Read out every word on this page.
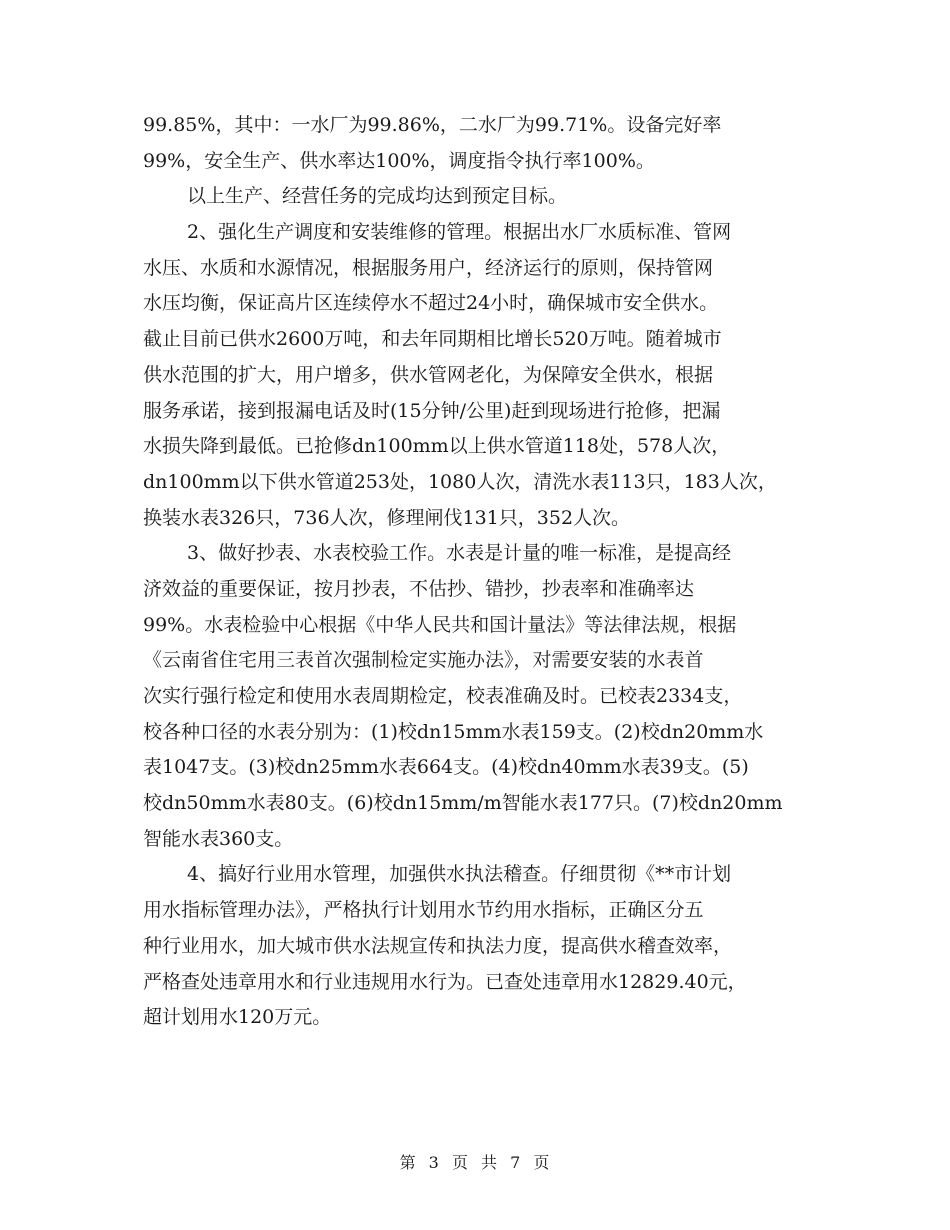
99.85%，其中：一水厂为99.86%，二水厂为99.71%。设备完好率
99%，安全生产、供水率达100%，调度指令执行率100%。
以上生产、经营任务的完成均达到预定目标。
2、强化生产调度和安装维修的管理。根据出水厂水质标准、管网
水压、水质和水源情况，根据服务用户，经济运行的原则，保持管网
水压均衡，保证高片区连续停水不超过24小时，确保城市安全供水。
截止目前已供水2600万吨，和去年同期相比增长520万吨。随着城市
供水范围的扩大，用户增多，供水管网老化，为保障安全供水，根据
服务承诺，接到报漏电话及时(15分钟/公里)赶到现场进行抢修，把漏
水损失降到最低。已抢修dn100mm以上供水管道118处，578人次，
dn100mm以下供水管道253处，1080人次，清洗水表113只，183人次，
换装水表326只，736人次，修理闸伐131只，352人次。
3、做好抄表、水表校验工作。水表是计量的唯一标准，是提高经
济效益的重要保证，按月抄表，不估抄、错抄，抄表率和准确率达
99%。水表检验中心根据《中华人民共和国计量法》等法律法规，根据
《云南省住宅用三表首次强制检定实施办法》，对需要安装的水表首
次实行强行检定和使用水表周期检定，校表准确及时。已校表2334支，
校各种口径的水表分别为：(1)校dn15mm水表159支。(2)校dn20mm水
表1047支。(3)校dn25mm水表664支。(4)校dn40mm水表39支。(5)
校dn50mm水表80支。(6)校dn15mm/m智能水表177只。(7)校dn20mm
智能水表360支。
4、搞好行业用水管理，加强供水执法稽查。仔细贯彻《**市计划
用水指标管理办法》，严格执行计划用水节约用水指标，正确区分五
种行业用水，加大城市供水法规宣传和执法力度，提高供水稽查效率，
严格查处违章用水和行业违规用水行为。已查处违章用水12829.40元，
超计划用水120万元。
第 3 页 共 7 页
